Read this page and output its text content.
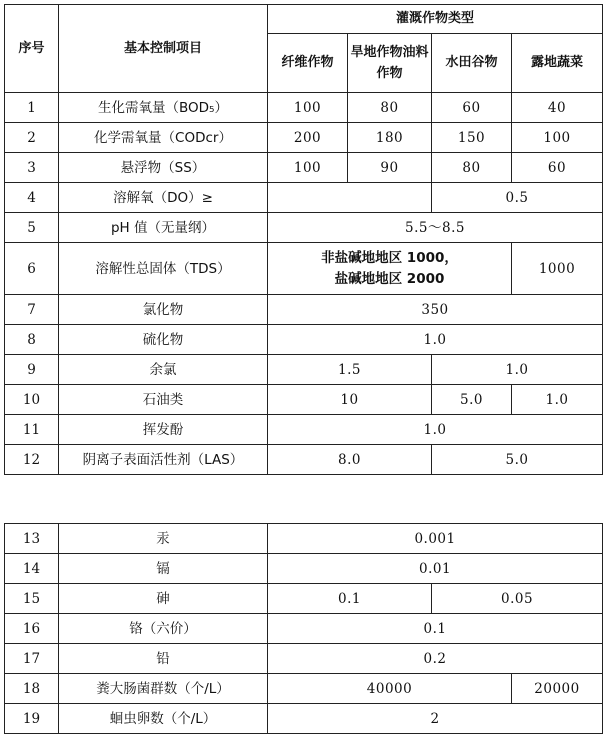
序号	基本控制项目	灌溉作物类型			
		纤维作物	旱地作物油料作物	水田谷物	露地蔬菜
1	生化需氧量（BOD₅）	100	80	60	40
2	化学需氧量（CODcr）	200	180	150	100
3	悬浮物（SS）	100	90	80	60
4	溶解氧（DO）≥			0.5	
5	pH 值（无量纲）	5.5～8.5			
6	溶解性总固体（TDS）	非盐碱地地区 1000，盐碱地地区 2000			1000
7	氯化物	350			
8	硫化物	1.0			
9	余氯	1.5		1.0	
10	石油类	10		5.0	1.0
11	挥发酚	1.0			
12	阴离子表面活性剂（LAS）	8.0		5.0	
13	汞	0.001		
14	镉	0.01		
15	砷	0.1	0.05	
16	铬（六价）	0.1		
17	铅	0.2		
18	粪大肠菌群数（个/L）	40000		20000
19	蛔虫卵数（个/L）	2		
